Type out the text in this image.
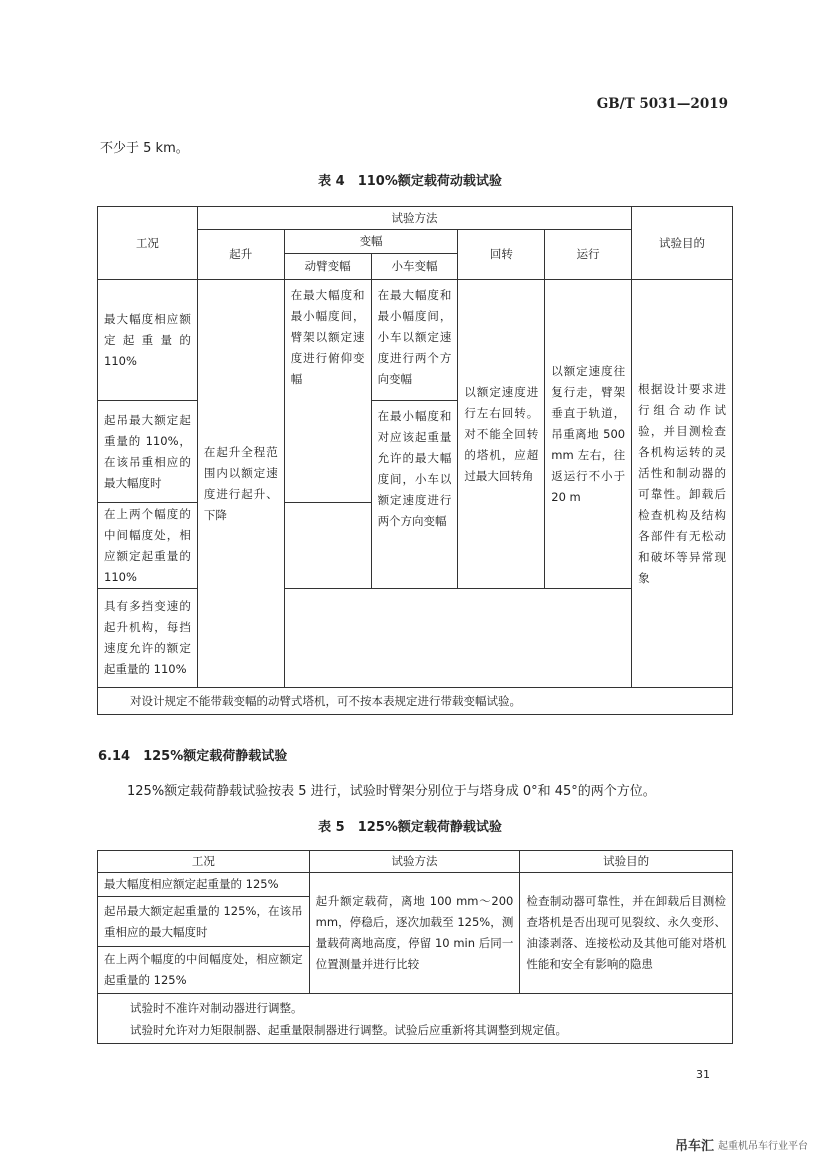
GB/T 5031—2019
不少于 5 km。
表 4　110%额定载荷动载试验
工况	试验方法					试验目的
	起升	变幅		回转	运行	
		动臂变幅	小车变幅			
最大幅度相应额定起重量的 110%	在起升全程范围内以额定速度进行起升、下降	在最大幅度和最小幅度间，臂架以额定速度进行俯仰变幅	在最大幅度和最小幅度间，小车以额定速度进行两个方向变幅	以额定速度进行左右回转。对不能全回转的塔机，应超过最大回转角	以额定速度往复行走，臂架垂直于轨道，吊重离地 500 mm 左右，往返运行不小于 20 m	根据设计要求进行组合动作试验，并目测检查各机构运转的灵活性和制动器的可靠性。卸载后检查机构及结构各部件有无松动和破坏等异常现象
起吊最大额定起重量的 110%，在该吊重相应的最大幅度时			在最小幅度和对应该起重量允许的最大幅度间，小车以额定速度进行两个方向变幅			
在上两个幅度的中间幅度处，相应额定起重量的 110%						
具有多挡变速的起升机构，每挡速度允许的额定起重量的 110%						
对设计规定不能带载变幅的动臂式塔机，可不按本表规定进行带载变幅试验。						
6.14　125%额定载荷静载试验
125%额定载荷静载试验按表 5 进行，试验时臂架分别位于与塔身成 0°和 45°的两个方位。
表 5　125%额定载荷静载试验
工况	试验方法	试验目的
最大幅度相应额定起重量的 125%	起升额定载荷，离地 100 mm～200 mm，停稳后，逐次加载至 125%，测量载荷离地高度，停留 10 min 后同一位置测量并进行比较	检查制动器可靠性，并在卸载后目测检查塔机是否出现可见裂纹、永久变形、油漆剥落、连接松动及其他可能对塔机性能和安全有影响的隐患
起吊最大额定起重量的 125%，在该吊重相应的最大幅度时		
在上两个幅度的中间幅度处，相应额定起重量的 125%		

试验时不准许对制动器进行调整。
试验时允许对力矩限制器、起重量限制器进行调整。试验后应重新将其调整到规定值。		
31
吊车汇 起重机吊车行业平台
